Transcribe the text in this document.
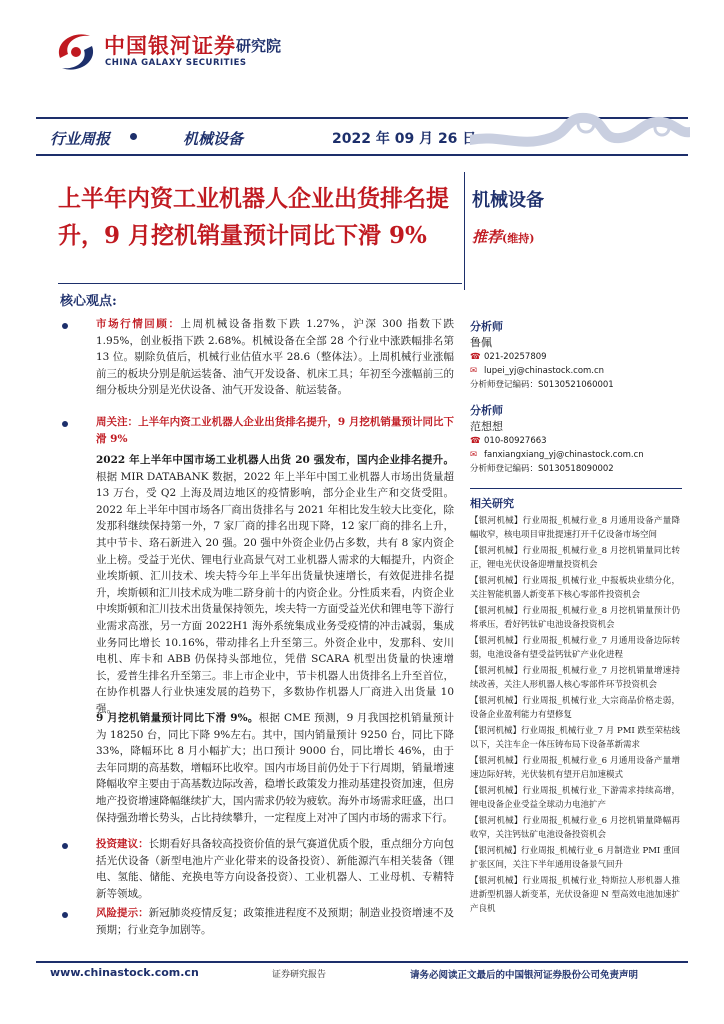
中国银河证券
CHINA GALAXY SECURITIES
研究院
行业周报	机械设备	2022 年 09 月 26 日
上半年内资工业机器人企业出货排名提升，9 月挖机销量预计同比下滑 9%
机械设备
推荐(维持)
核心观点:
市场行情回顾：上周机械设备指数下跌 1.27%，沪深 300 指数下跌 1.95%，创业板指下跌 2.68%。机械设备在全部 28 个行业中涨跌幅排名第 13 位。剔除负值后，机械行业估值水平 28.6（整体法）。上周机械行业涨幅前三的板块分别是航运装备、油气开发设备、机床工具；年初至今涨幅前三的细分板块分别是光伏设备、油气开发设备、航运装备。
周关注：上半年内资工业机器人企业出货排名提升，9 月挖机销量预计同比下滑 9%
2022 年上半年中国市场工业机器人出货 20 强发布，国内企业排名提升。根据 MIR DATABANK 数据，2022 年上半年中国工业机器人市场出货量超 13 万台，受 Q2 上海及周边地区的疫情影响，部分企业生产和交货受阻。2022 年上半年中国市场各厂商出货排名与 2021 年相比发生较大比变化，除发那科继续保持第一外，7 家厂商的排名出现下降，12 家厂商的排名上升，其中节卡、珞石新进入 20 强。20 强中外资企业仍占多数，共有 8 家内资企业上榜。受益于光伏、锂电行业高景气对工业机器人需求的大幅提升，内资企业埃斯顿、汇川技术、埃夫特今年上半年出货量快速增长，有效促进排名提升，埃斯顿和汇川技术成为唯二跻身前十的内资企业。分性质来看，内资企业中埃斯顿和汇川技术出货量保持领先，埃夫特一方面受益光伏和锂电等下游行业需求高涨，另一方面 2022H1 海外系统集成业务受疫情的冲击减弱，集成业务同比增长 10.16%，带动排名上升至第三。外资企业中，发那科、安川电机、库卡和 ABB 仍保持头部地位，凭借 SCARA 机型出货量的快速增长，爱普生排名升至第三。非上市企业中，节卡机器人出货排名上升至首位，在协作机器人行业快速发展的趋势下，多数协作机器人厂商进入出货量 10 强。
9 月挖机销量预计同比下滑 9%。根据 CME 预测，9 月我国挖机销量预计为 18250 台，同比下降 9%左右。其中，国内销量预计 9250 台，同比下降 33%，降幅环比 8 月小幅扩大；出口预计 9000 台，同比增长 46%，由于去年同期的高基数，增幅环比收窄。国内市场目前仍处于下行周期，销量增速降幅收窄主要由于高基数边际改善，稳增长政策发力推动基建投资加速，但房地产投资增速降幅继续扩大，国内需求仍较为疲软。海外市场需求旺盛，出口保持强劲增长势头，占比持续攀升，一定程度上对冲了国内市场的需求下行。
投资建议：长期看好具备较高投资价值的景气赛道优质个股，重点细分方向包括光伏设备（新型电池片产业化带来的设备投资）、新能源汽车相关装备（锂电、氢能、储能、充换电等方向设备投资）、工业机器人、工业母机、专精特新等领域。
风险提示：新冠肺炎疫情反复；政策推进程度不及预期；制造业投资增速不及预期；行业竞争加剧等。
分析师
鲁佩
☎ 021-20257809
✉ lupei_yj@chinastock.com.cn
分析师登记编码：S0130521060001
分析师
范想想
☎ 010-80927663
✉ fanxiangxiang_yj@chinastock.com.cn
分析师登记编码：S0130518090002
相关研究
【银河机械】行业周报_机械行业_8 月通用设备产量降幅收窄，核电项目审批提速打开千亿设备市场空间
【银河机械】行业周报_机械行业_8 月挖机销量同比转正，锂电光伏设备迎增量投资机会
【银河机械】行业周报_机械行业_中报板块业绩分化，关注智能机器人新变革下核心零部件投资机会
【银河机械】行业周报_机械行业_8 月挖机销量预计仍将承压，看好钙钛矿电池设备投资机会
【银河机械】行业周报_机械行业_7 月通用设备边际转弱，电池设备有望受益钙钛矿产业化进程
【银河机械】行业周报_机械行业_7 月挖机销量增速持续改善，关注人形机器人核心零部件环节投资机会
【银河机械】行业周报_机械行业_大宗商品价格走弱，设备企业盈利能力有望修复
【银河机械】行业周报_机械行业_7 月 PMI 跌至荣枯线以下，关注车企一体压铸布局下设备革新需求
【银河机械】行业周报_机械行业_6 月通用设备产量增速边际好转，光伏装机有望开启加速模式
【银河机械】行业周报_机械行业_下游需求持续高增，锂电设备企业受益全球动力电池扩产
【银河机械】行业周报_机械行业_6 月挖机销量降幅再收窄，关注钙钛矿电池设备投资机会
【银河机械】行业周报_机械行业_6 月制造业 PMI 重回扩张区间，关注下半年通用设备景气回升
【银河机械】行业周报_机械行业_特斯拉人形机器人推进新型机器人新变革，光伏设备迎 N 型高效电池加速扩产良机
www.chinastock.com.cn	证券研究报告	请务必阅读正文最后的中国银河证券股份公司免责声明
